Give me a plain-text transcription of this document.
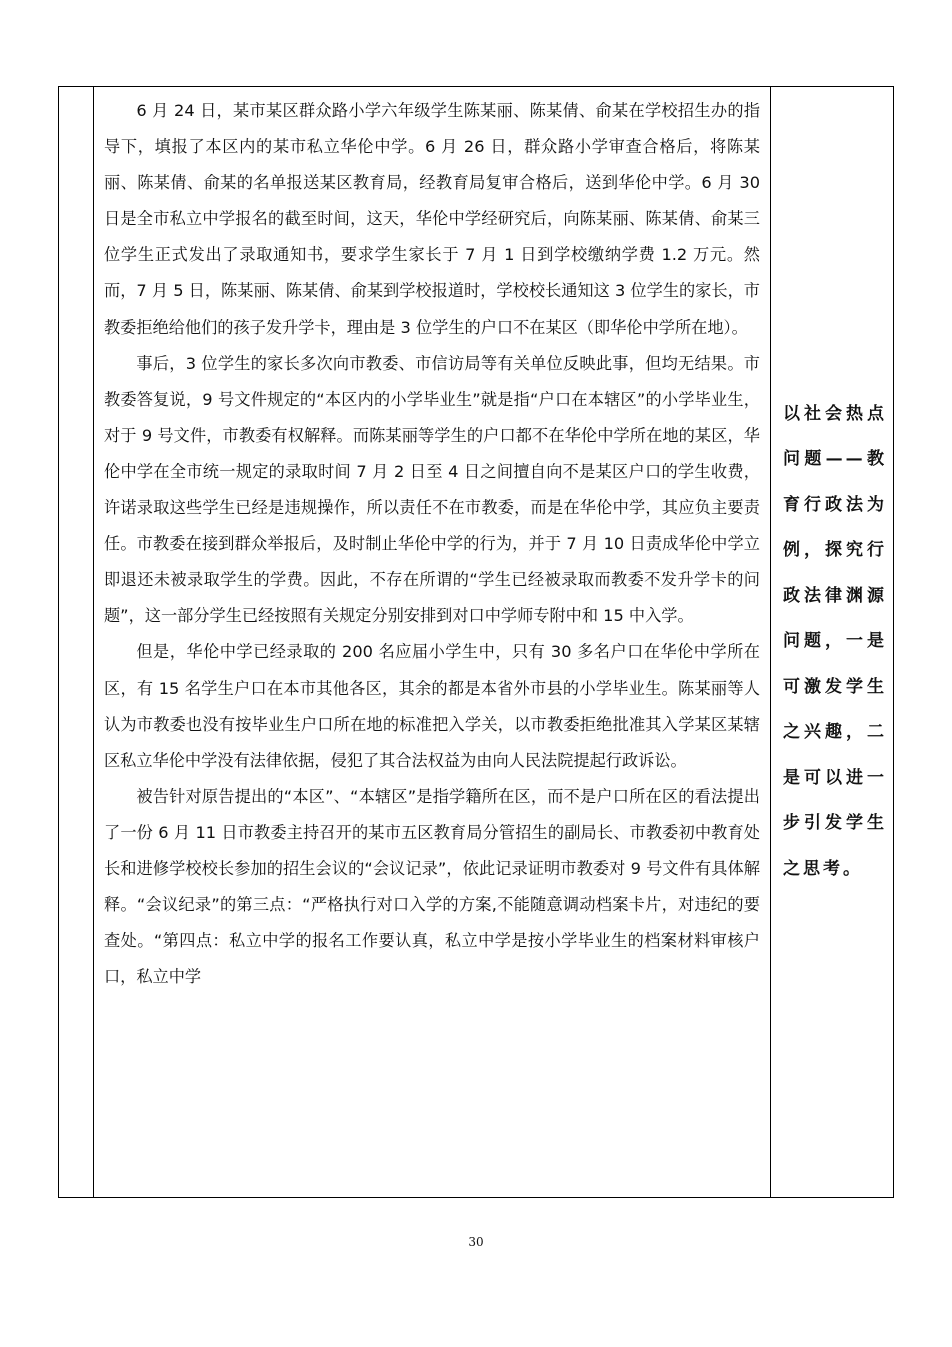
6 月 24 日，某市某区群众路小学六年级学生陈某丽、陈某倩、俞某在学校招生办的指导下，填报了本区内的某市私立华伦中学。6 月 26 日，群众路小学审查合格后，将陈某丽、陈某倩、俞某的名单报送某区教育局，经教育局复审合格后，送到华伦中学。6 月 30 日是全市私立中学报名的截至时间，这天，华伦中学经研究后，向陈某丽、陈某倩、俞某三位学生正式发出了录取通知书，要求学生家长于 7 月 1 日到学校缴纳学费 1.2 万元。然而，7 月 5 日，陈某丽、陈某倩、俞某到学校报道时，学校校长通知这 3 位学生的家长，市教委拒绝给他们的孩子发升学卡，理由是 3 位学生的户口不在某区（即华伦中学所在地）。

事后，3 位学生的家长多次向市教委、市信访局等有关单位反映此事，但均无结果。市教委答复说，9 号文件规定的“本区内的小学毕业生”就是指“户口在本辖区”的小学毕业生，对于 9 号文件，市教委有权解释。而陈某丽等学生的户口都不在华伦中学所在地的某区，华伦中学在全市统一规定的录取时间 7 月 2 日至 4 日之间擅自向不是某区户口的学生收费，许诺录取这些学生已经是违规操作，所以责任不在市教委，而是在华伦中学，其应负主要责任。市教委在接到群众举报后，及时制止华伦中学的行为，并于 7 月 10 日责成华伦中学立即退还未被录取学生的学费。因此，不存在所谓的“学生已经被录取而教委不发升学卡的问题”，这一部分学生已经按照有关规定分别安排到对口中学师专附中和 15 中入学。

但是，华伦中学已经录取的 200 名应届小学生中，只有 30 多名户口在华伦中学所在区，有 15 名学生户口在本市其他各区，其余的都是本省外市县的小学毕业生。陈某丽等人认为市教委也没有按毕业生户口所在地的标准把入学关，以市教委拒绝批准其入学某区某辖区私立华伦中学没有法律依据，侵犯了其合法权益为由向人民法院提起行政诉讼。

被告针对原告提出的“本区”、“本辖区”是指学籍所在区，而不是户口所在区的看法提出了一份 6 月 11 日市教委主持召开的某市五区教育局分管招生的副局长、市教委初中教育处长和进修学校校长参加的招生会议的“会议记录”，依此记录证明市教委对 9 号文件有具体解释。“会议纪录”的第三点：“严格执行对口入学的方案,不能随意调动档案卡片，对违纪的要查处。“第四点：私立中学的报名工作要认真，私立中学是按小学毕业生的档案材料审核户口，私立中学

以社会热点问题——教育行政法为例，探究行政法律渊源问题，一是可激发学生之兴趣，二是可以进一步引发学生之思考。
30
